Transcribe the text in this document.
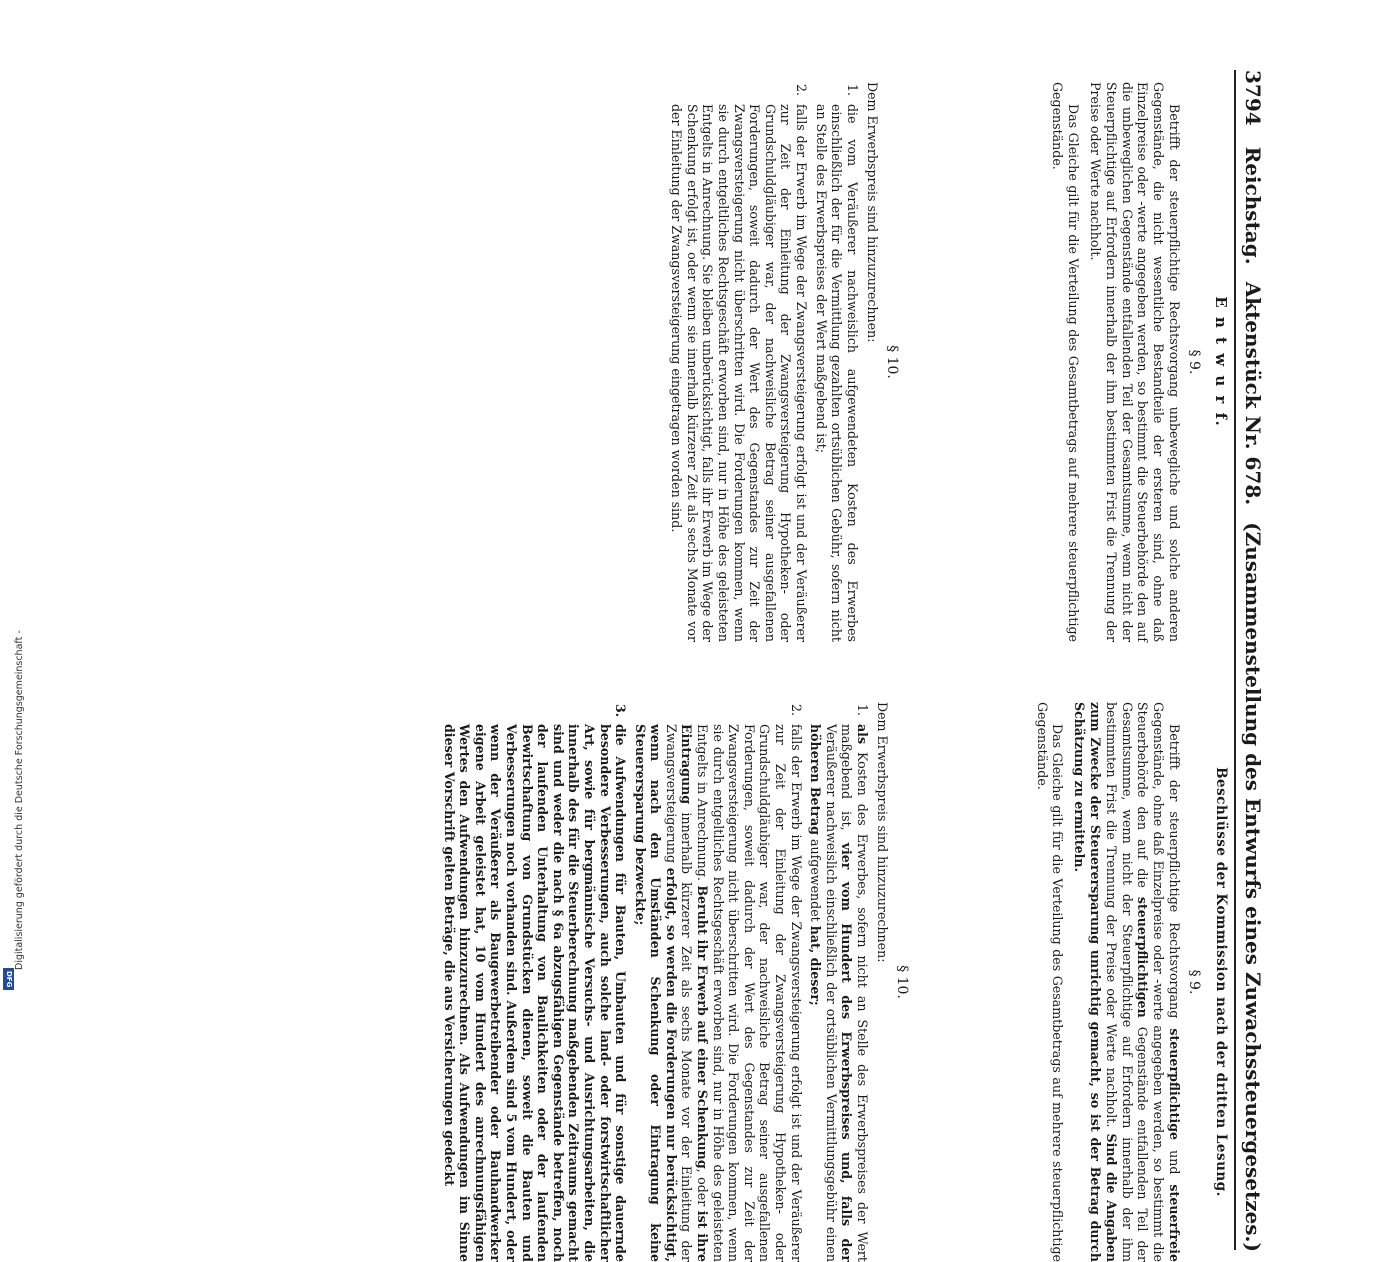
3794 Reichstag. Aktenstück Nr. 678. (Zusammenstellung des Entwurfs eines Zuwachssteuergesetzes.)
E n t w u r f.
§ 9.

Betrifft der steuerpflichtige Rechtsvorgang unbewegliche und solche anderen Gegenstände, die nicht wesentliche Bestandteile der ersteren sind, ohne daß Einzelpreise oder -werte angegeben werden, so bestimmt die Steuerbehörde den auf die unbeweglichen Gegenstände entfallenden Teil der Gesamtsumme, wenn nicht der Steuerpflichtige auf Erfordern innerhalb der ihm bestimmten Frist die Trennung der Preise oder Werte nachholt.

Das Gleiche gilt für die Verteilung des Gesamtbetrags auf mehrere steuerpflichtige Gegenstände.

§ 10.

Dem Erwerbspreis sind hinzuzurechnen:

1.
die vom Veräußerer nachweislich aufgewendeten Kosten des Erwerbes einschließlich der für die Vermittlung gezahlten ortsüblichen Gebühr, sofern nicht an Stelle des Erwerbspreises der Wert maßgebend ist;
2.
falls der Erwerb im Wege der Zwangsversteigerung erfolgt ist und der Veräußerer zur Zeit der Einleitung der Zwangsversteigerung Hypotheken- oder Grundschuldgläubiger war, der nachweisliche Betrag seiner ausgefallenen Forderungen, soweit dadurch der Wert des Gegenstandes zur Zeit der Zwangsversteigerung nicht überschritten wird. Die Forderungen kommen, wenn sie durch entgeltliches Rechtsgeschäft erworben sind, nur in Höhe des geleisteten Entgelts in Anrechnung. Sie bleiben unberücksichtigt, falls ihr Erwerb im Wege der Schenkung erfolgt ist, oder wenn sie innerhalb kürzerer Zeit als sechs Monate vor der Einleitung der Zwangsversteigerung eingetragen worden sind.
Beschlüsse der Kommission nach der dritten Lesung.
§ 9.

Betrifft der steuerpflichtige Rechtsvorgang steuerpflichtige und steuerfreie Gegenstände, ohne daß Einzelpreise oder -werte angegeben werden, so bestimmt die Steuerbehörde den auf die steuerpflichtigen Gegenstände entfallenden Teil der Gesamtsumme, wenn nicht der Steuerpflichtige auf Erfordern innerhalb der ihm bestimmten Frist die Trennung der Preise oder Werte nachholt. Sind die Angaben zum Zwecke der Steuerersparung unrichtig gemacht, so ist der Betrag durch Schätzung zu ermitteln.

Das Gleiche gilt für die Verteilung des Gesamtbetrags auf mehrere steuerpflichtige Gegenstände.

§ 10.

Dem Erwerbspreis sind hinzuzurechnen:

1.
als Kosten des Erwerbes, sofern nicht an Stelle des Erwerbspreises der Wert maßgebend ist, vier vom Hundert des Erwerbspreises und, falls der Veräußerer nachweislich einschließlich der ortsüblichen Vermittlungsgebühr einen höheren Betrag aufgewendet hat, dieser;
2.
falls der Erwerb im Wege der Zwangsversteigerung erfolgt ist und der Veräußerer zur Zeit der Einleitung der Zwangsversteigerung Hypotheken- oder Grundschuldgläubiger war, der nachweisliche Betrag seiner ausgefallenen Forderungen, soweit dadurch der Wert des Gegenstandes zur Zeit der Zwangsversteigerung nicht überschritten wird. Die Forderungen kommen, wenn sie durch entgeltliches Rechtsgeschäft erworben sind, nur in Höhe des geleisteten Entgelts in Anrechnung. Beruht ihr Erwerb auf einer Schenkung, oder ist ihre Eintragung innerhalb kürzerer Zeit als sechs Monate vor der Einleitung der Zwangsversteigerung erfolgt, so werden die Forderungen nur berücksichtigt, wenn nach den Umständen Schenkung oder Eintragung keine Steuerersparung bezweckte;
3.
die Aufwendungen für Bauten, Umbauten und für sonstige dauernde besondere Verbesserungen, auch solche land- oder forstwirtschaftlicher Art, sowie für bergmännische Versuchs- und Ausrichtungsarbeiten, die innerhalb des für die Steuerberechnung maßgebenden Zeitraums gemacht sind und weder die nach § 6a abzugsfähigen Gegenstände betreffen, noch der laufenden Unterhaltung von Baulichkeiten oder der laufenden Bewirtschaftung von Grundstücken dienen, soweit die Bauten und Verbesserungen noch vorhanden sind. Außerdem sind 5 vom Hundert, oder wenn der Veräußerer als Baugewerbetreibender oder Bauhandwerker eigene Arbeit geleistet hat, 10 vom Hundert des anrechnungsfähigen Wertes den Aufwendungen hinzuzurechnen. Als Aufwendungen im Sinne dieser Vorschrift gelten Beträge, die aus Versicherungen gedeckt
Digitalisierung gefördert durch die Deutsche Forschungsgemeinschaft -
DFG
